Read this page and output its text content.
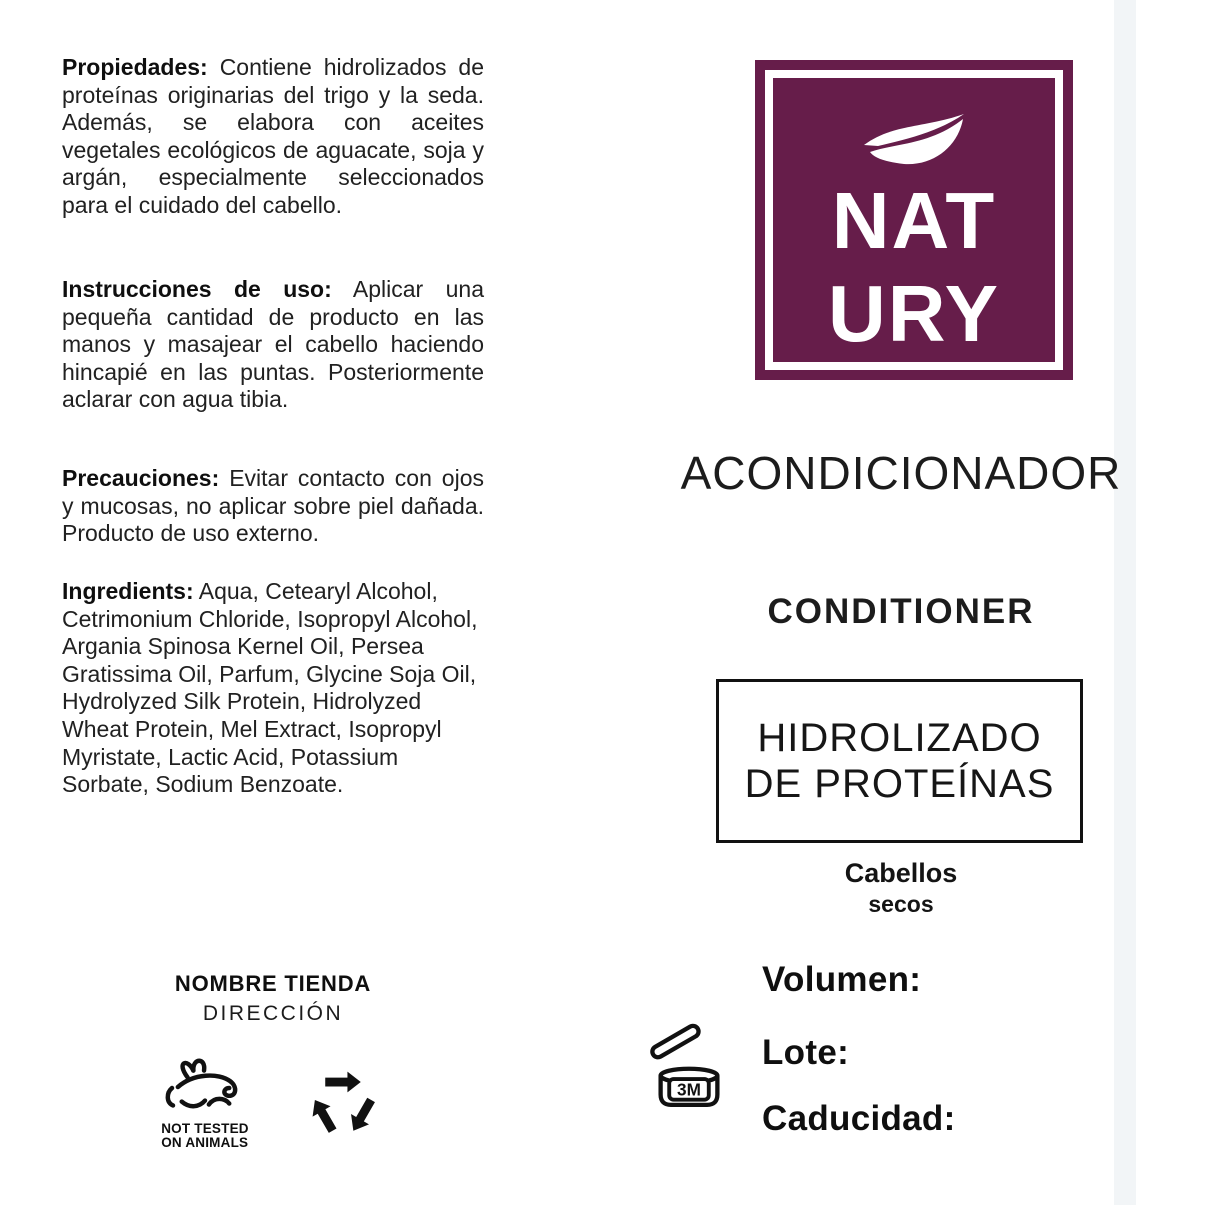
Propiedades: Contiene hidrolizados de proteínas originarias del trigo y la seda. Además, se elabora con aceites vegetales ecológicos de aguacate, soja y argán, especialmente seleccionados para el cuidado del cabello.

Instrucciones de uso: Aplicar una pequeña cantidad de producto en las manos y masajear el cabello haciendo hincapié en las puntas. Posteriormente aclarar con agua tibia.

Precauciones: Evitar contacto con ojos y mucosas, no aplicar sobre piel dañada. Producto de uso externo.

Ingredients: Aqua, Cetearyl Alcohol, Cetrimonium Chloride, Isopropyl Alcohol, Argania Spinosa Kernel Oil, Persea Gratissima Oil, Parfum, Glycine Soja Oil, Hydrolyzed Silk Protein, Hidrolyzed Wheat Protein, Mel Extract, Isopropyl Myristate, Lactic Acid, Potassium Sorbate, Sodium Benzoate.

NOMBRE TIENDA
DIRECCIÓN
NOT TESTED
ON ANIMALS
NAT
URY
ACONDICIONADOR
CONDITIONER
HIDROLIZADO
DE PROTEÍNAS
Cabellos
secos
Volumen:
Lote:
Caducidad:
3M
